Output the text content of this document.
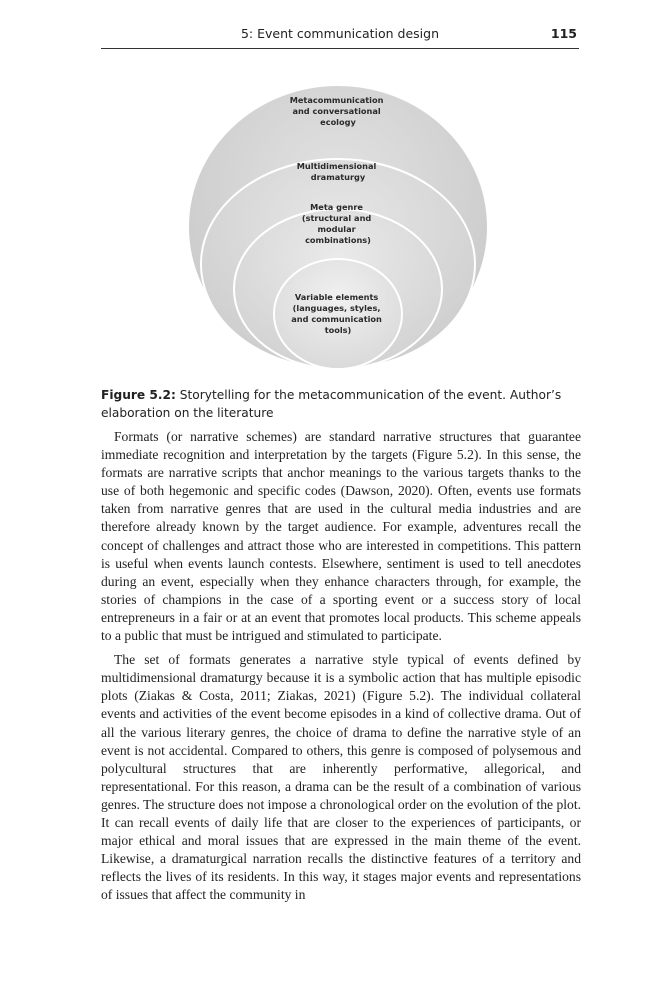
5: Event communication design	115
Metacommunication and conversational ecology
Multidimensional dramaturgy
Meta genre (structural and modular combinations)
Variable elements (languages, styles, and communication tools)
Figure 5.2: Storytelling for the metacommunication of the event. Author’s elaboration on the literature

Formats (or narrative schemes) are standard narrative structures that guarantee immediate recognition and interpretation by the targets (Figure 5.2). In this sense, the formats are narrative scripts that anchor meanings to the various targets thanks to the use of both hegemonic and specific codes (Dawson, 2020). Often, events use formats taken from narrative genres that are used in the cultural media industries and are therefore already known by the target audience. For example, adventures recall the concept of challenges and attract those who are interested in competitions. This pattern is useful when events launch contests. Elsewhere, sentiment is used to tell anecdotes during an event, especially when they enhance characters through, for example, the stories of champions in the case of a sporting event or a success story of local entrepreneurs in a fair or at an event that promotes local products. This scheme appeals to a public that must be intrigued and stimulated to participate.

The set of formats generates a narrative style typical of events defined by multidimensional dramaturgy because it is a symbolic action that has multiple episodic plots (Ziakas & Costa, 2011; Ziakas, 2021) (Figure 5.2). The individual collateral events and activities of the event become episodes in a kind of collective drama. Out of all the various literary genres, the choice of drama to define the narrative style of an event is not accidental. Compared to others, this genre is composed of polysemous and polycultural structures that are inherently performative, allegorical, and representational. For this reason, a drama can be the result of a combination of various genres. The structure does not impose a chronological order on the evolution of the plot. It can recall events of daily life that are closer to the experiences of participants, or major ethical and moral issues that are expressed in the main theme of the event. Likewise, a dramaturgical narration recalls the distinctive features of a territory and reflects the lives of its residents. In this way, it stages major events and representations of issues that affect the community in
